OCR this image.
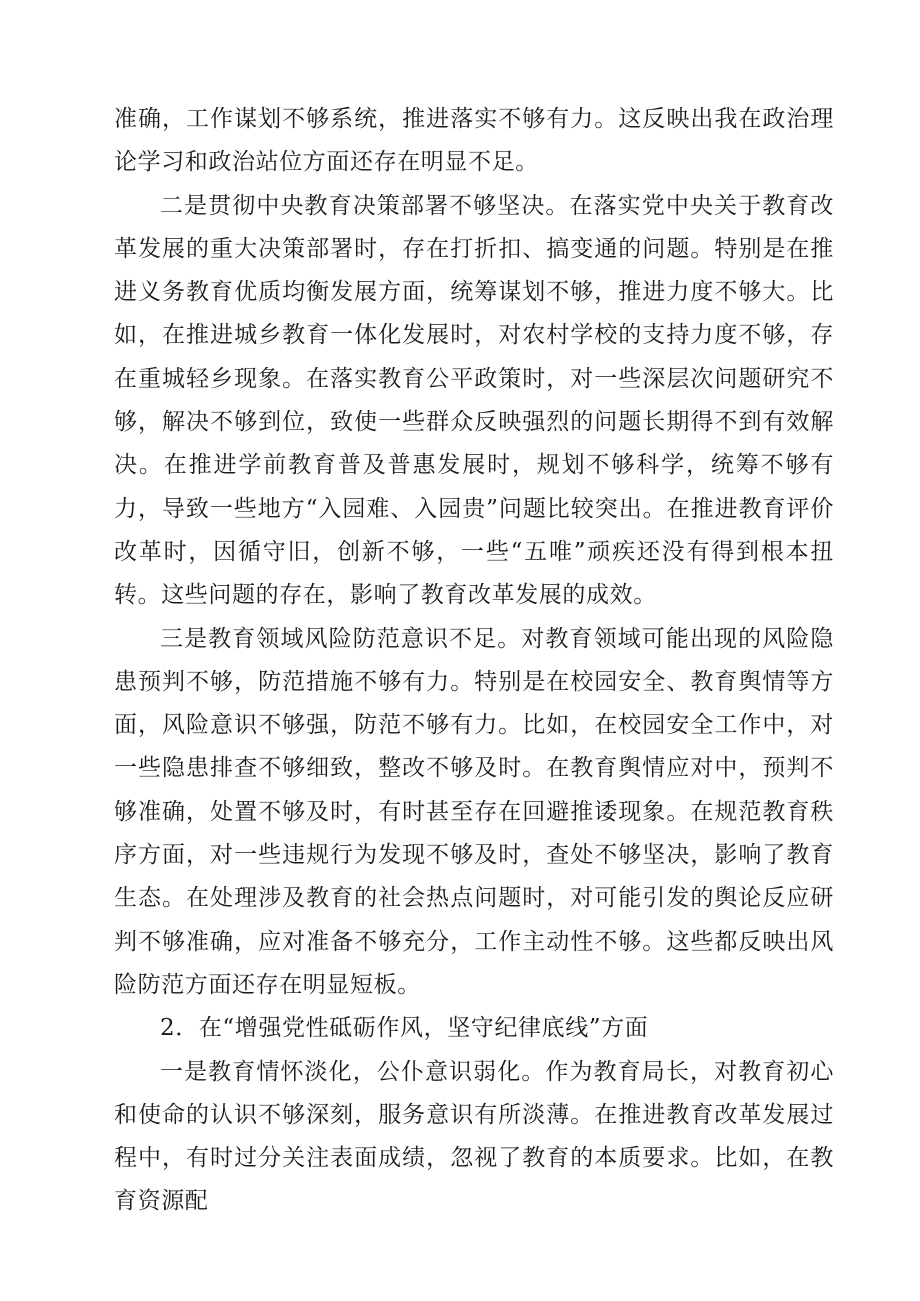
准确，工作谋划不够系统，推进落实不够有力。这反映出我在政治理论学习和政治站位方面还存在明显不足。

二是贯彻中央教育决策部署不够坚决。在落实党中央关于教育改革发展的重大决策部署时，存在打折扣、搞变通的问题。特别是在推进义务教育优质均衡发展方面，统筹谋划不够，推进力度不够大。比如，在推进城乡教育一体化发展时，对农村学校的支持力度不够，存在重城轻乡现象。在落实教育公平政策时，对一些深层次问题研究不够，解决不够到位，致使一些群众反映强烈的问题长期得不到有效解决。在推进学前教育普及普惠发展时，规划不够科学，统筹不够有力，导致一些地方“入园难、入园贵”问题比较突出。在推进教育评价改革时，因循守旧，创新不够，一些“五唯”顽疾还没有得到根本扭转。这些问题的存在，影响了教育改革发展的成效。

三是教育领域风险防范意识不足。对教育领域可能出现的风险隐患预判不够，防范措施不够有力。特别是在校园安全、教育舆情等方面，风险意识不够强，防范不够有力。比如，在校园安全工作中，对一些隐患排查不够细致，整改不够及时。在教育舆情应对中，预判不够准确，处置不够及时，有时甚至存在回避推诿现象。在规范教育秩序方面，对一些违规行为发现不够及时，查处不够坚决，影响了教育生态。在处理涉及教育的社会热点问题时，对可能引发的舆论反应研判不够准确，应对准备不够充分，工作主动性不够。这些都反映出风险防范方面还存在明显短板。

2．在“增强党性砥砺作风，坚守纪律底线”方面

一是教育情怀淡化，公仆意识弱化。作为教育局长，对教育初心和使命的认识不够深刻，服务意识有所淡薄。在推进教育改革发展过程中，有时过分关注表面成绩，忽视了教育的本质要求。比如，在教育资源配
